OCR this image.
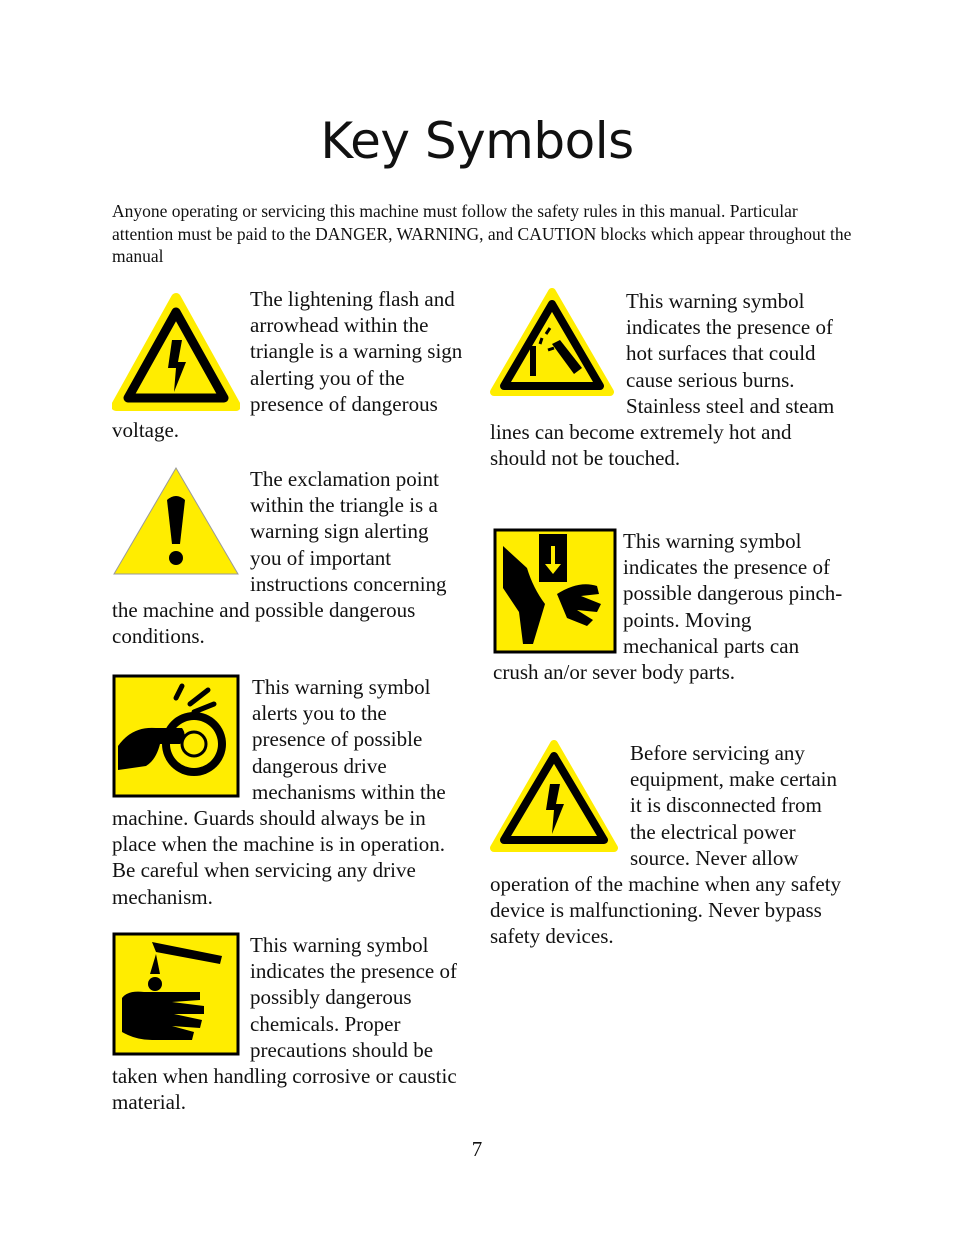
Key Symbols
Anyone operating or servicing this machine must follow the safety rules in this manual. Particular attention must be paid to the DANGER, WARNING, and CAUTION blocks which appear throughout the manual

The lightening flash and arrowhead within the triangle is a warning sign alerting you of the presence of dangerous voltage.

The exclamation point within the triangle is a warning sign alerting you of important instructions concerning the machine and possible dangerous conditions.

This warning symbol alerts you to the presence of possible dangerous drive mechanisms within the machine. Guards should always be in place when the machine is in operation. Be careful when servicing any drive mechanism.

This warning symbol indicates the presence of possibly dangerous chemicals. Proper precautions should be taken when handling corrosive or caustic material.

This warning symbol indicates the presence of hot surfaces that could cause serious burns. Stainless steel and steam lines can become extremely hot and should not be touched.

This warning symbol indicates the presence of possible dangerous pinch-points. Moving mechanical parts can crush an/or sever body parts.

Before servicing any equipment, make certain it is disconnected from the electrical power source. Never allow operation of the machine when any safety device is malfunctioning. Never bypass safety devices.

7
